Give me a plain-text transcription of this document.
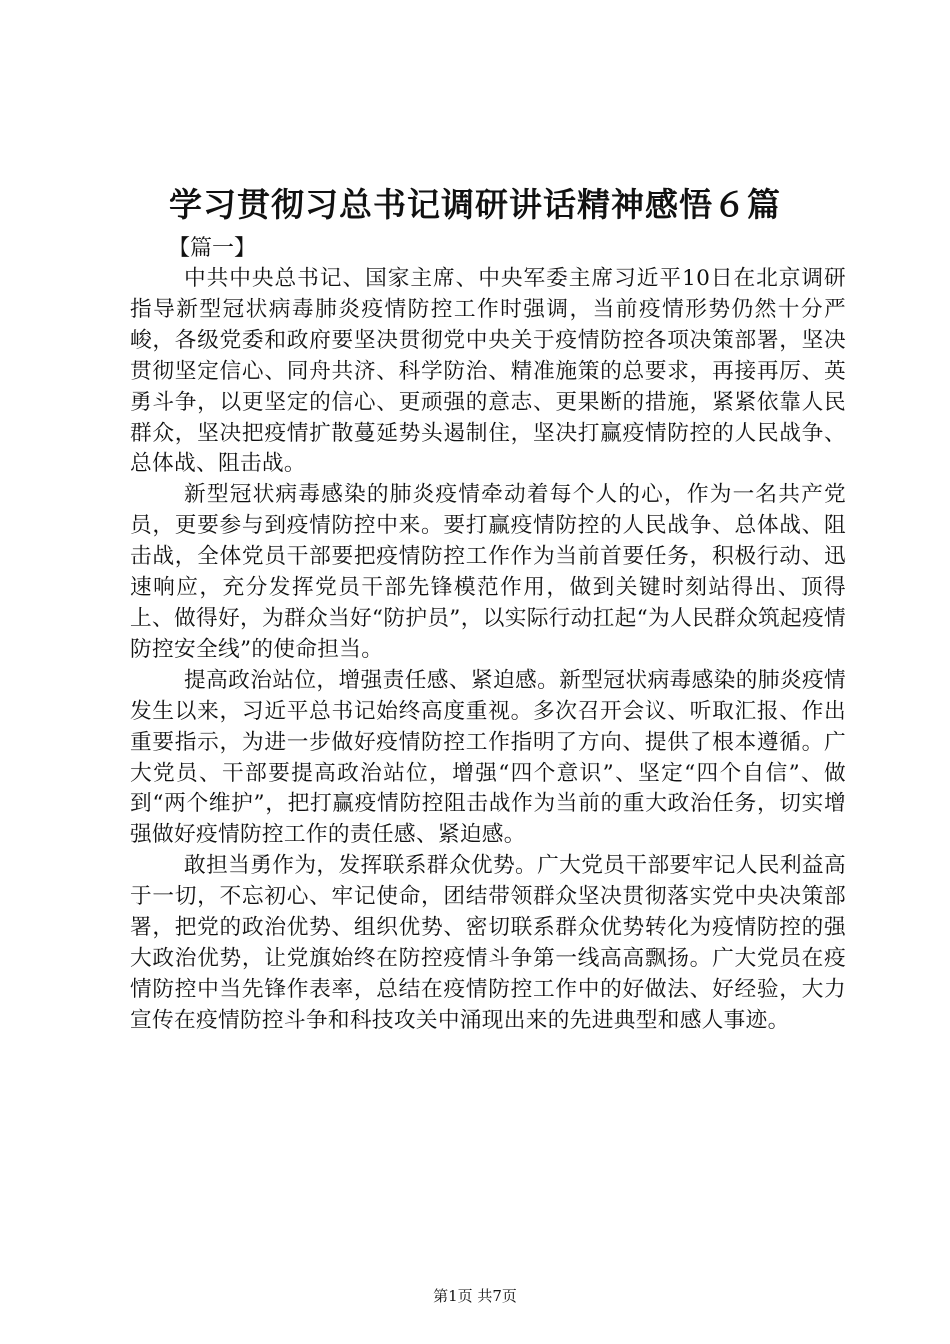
学习贯彻习总书记调研讲话精神感悟６篇
【篇一】

中共中央总书记、国家主席、中央军委主席习近平10日在北京调研指导新型冠状病毒肺炎疫情防控工作时强调，当前疫情形势仍然十分严峻，各级党委和政府要坚决贯彻党中央关于疫情防控各项决策部署，坚决贯彻坚定信心、同舟共济、科学防治、精准施策的总要求，再接再厉、英勇斗争，以更坚定的信心、更顽强的意志、更果断的措施，紧紧依靠人民群众，坚决把疫情扩散蔓延势头遏制住，坚决打赢疫情防控的人民战争、总体战、阻击战。

新型冠状病毒感染的肺炎疫情牵动着每个人的心，作为一名共产党员，更要参与到疫情防控中来。要打赢疫情防控的人民战争、总体战、阻击战，全体党员干部要把疫情防控工作作为当前首要任务，积极行动、迅速响应，充分发挥党员干部先锋模范作用，做到关键时刻站得出、顶得上、做得好，为群众当好“防护员”，以实际行动扛起“为人民群众筑起疫情防控安全线”的使命担当。

提高政治站位，增强责任感、紧迫感。新型冠状病毒感染的肺炎疫情发生以来，习近平总书记始终高度重视。多次召开会议、听取汇报、作出重要指示，为进一步做好疫情防控工作指明了方向、提供了根本遵循。广大党员、干部要提高政治站位，增强“四个意识”、坚定“四个自信”、做到“两个维护”，把打赢疫情防控阻击战作为当前的重大政治任务，切实增强做好疫情防控工作的责任感、紧迫感。

敢担当勇作为，发挥联系群众优势。广大党员干部要牢记人民利益高于一切，不忘初心、牢记使命，团结带领群众坚决贯彻落实党中央决策部署，把党的政治优势、组织优势、密切联系群众优势转化为疫情防控的强大政治优势，让党旗始终在防控疫情斗争第一线高高飘扬。广大党员在疫情防控中当先锋作表率，总结在疫情防控工作中的好做法、好经验，大力宣传在疫情防控斗争和科技攻关中涌现出来的先进典型和感人事迹。

第1页 共7页
